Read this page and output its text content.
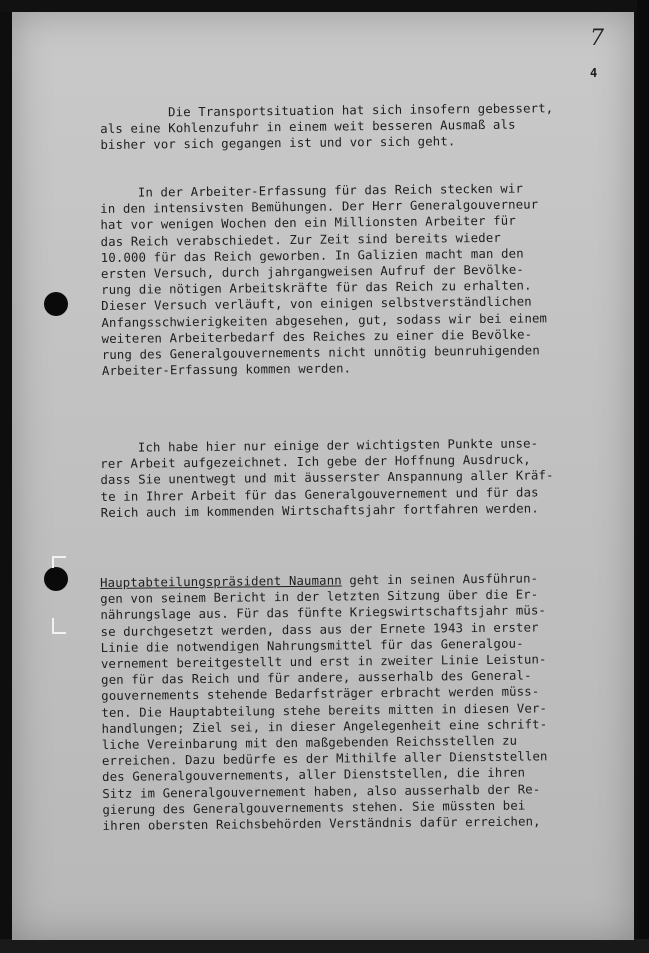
7
4
Die Transportsituation hat sich insofern gebessert,
als eine Kohlenzufuhr in einem weit besseren Ausmaß als
bisher vor sich gegangen ist und vor sich geht.
In der Arbeiter-Erfassung für das Reich stecken wir
in den intensivsten Bemühungen. Der Herr Generalgouverneur
hat vor wenigen Wochen den ein Millionsten Arbeiter für
das Reich verabschiedet. Zur Zeit sind bereits wieder
10.000 für das Reich geworben. In Galizien macht man den
ersten Versuch, durch jahrgangweisen Aufruf der Bevölke-
rung die nötigen Arbeitskräfte für das Reich zu erhalten.
Dieser Versuch verläuft, von einigen selbstverständlichen
Anfangsschwierigkeiten abgesehen, gut, sodass wir bei einem
weiteren Arbeiterbedarf des Reiches zu einer die Bevölke-
rung des Generalgouvernements nicht unnötig beunruhigenden
Arbeiter-Erfassung kommen werden.
Ich habe hier nur einige der wichtigsten Punkte unse-
rer Arbeit aufgezeichnet. Ich gebe der Hoffnung Ausdruck,
dass Sie unentwegt und mit äusserster Anspannung aller Kräf-
te in Ihrer Arbeit für das Generalgouvernement und für das
Reich auch im kommenden Wirtschaftsjahr fortfahren werden.
Hauptabteilungspräsident Naumann geht in seinen Ausführun-
gen von seinem Bericht in der letzten Sitzung über die Er-
nährungslage aus. Für das fünfte Kriegswirtschaftsjahr müs-
se durchgesetzt werden, dass aus der Ernete 1943 in erster
Linie die notwendigen Nahrungsmittel für das Generalgou-
vernement bereitgestellt und erst in zweiter Linie Leistun-
gen für das Reich und für andere, ausserhalb des General-
gouvernements stehende Bedarfsträger erbracht werden müss-
ten. Die Hauptabteilung stehe bereits mitten in diesen Ver-
handlungen; Ziel sei, in dieser Angelegenheit eine schrift-
liche Vereinbarung mit den maßgebenden Reichsstellen zu
erreichen. Dazu bedürfe es der Mithilfe aller Dienststellen
des Generalgouvernements, aller Dienststellen, die ihren
Sitz im Generalgouvernement haben, also ausserhalb der Re-
gierung des Generalgouvernements stehen. Sie müssten bei
ihren obersten Reichsbehörden Verständnis dafür erreichen,
